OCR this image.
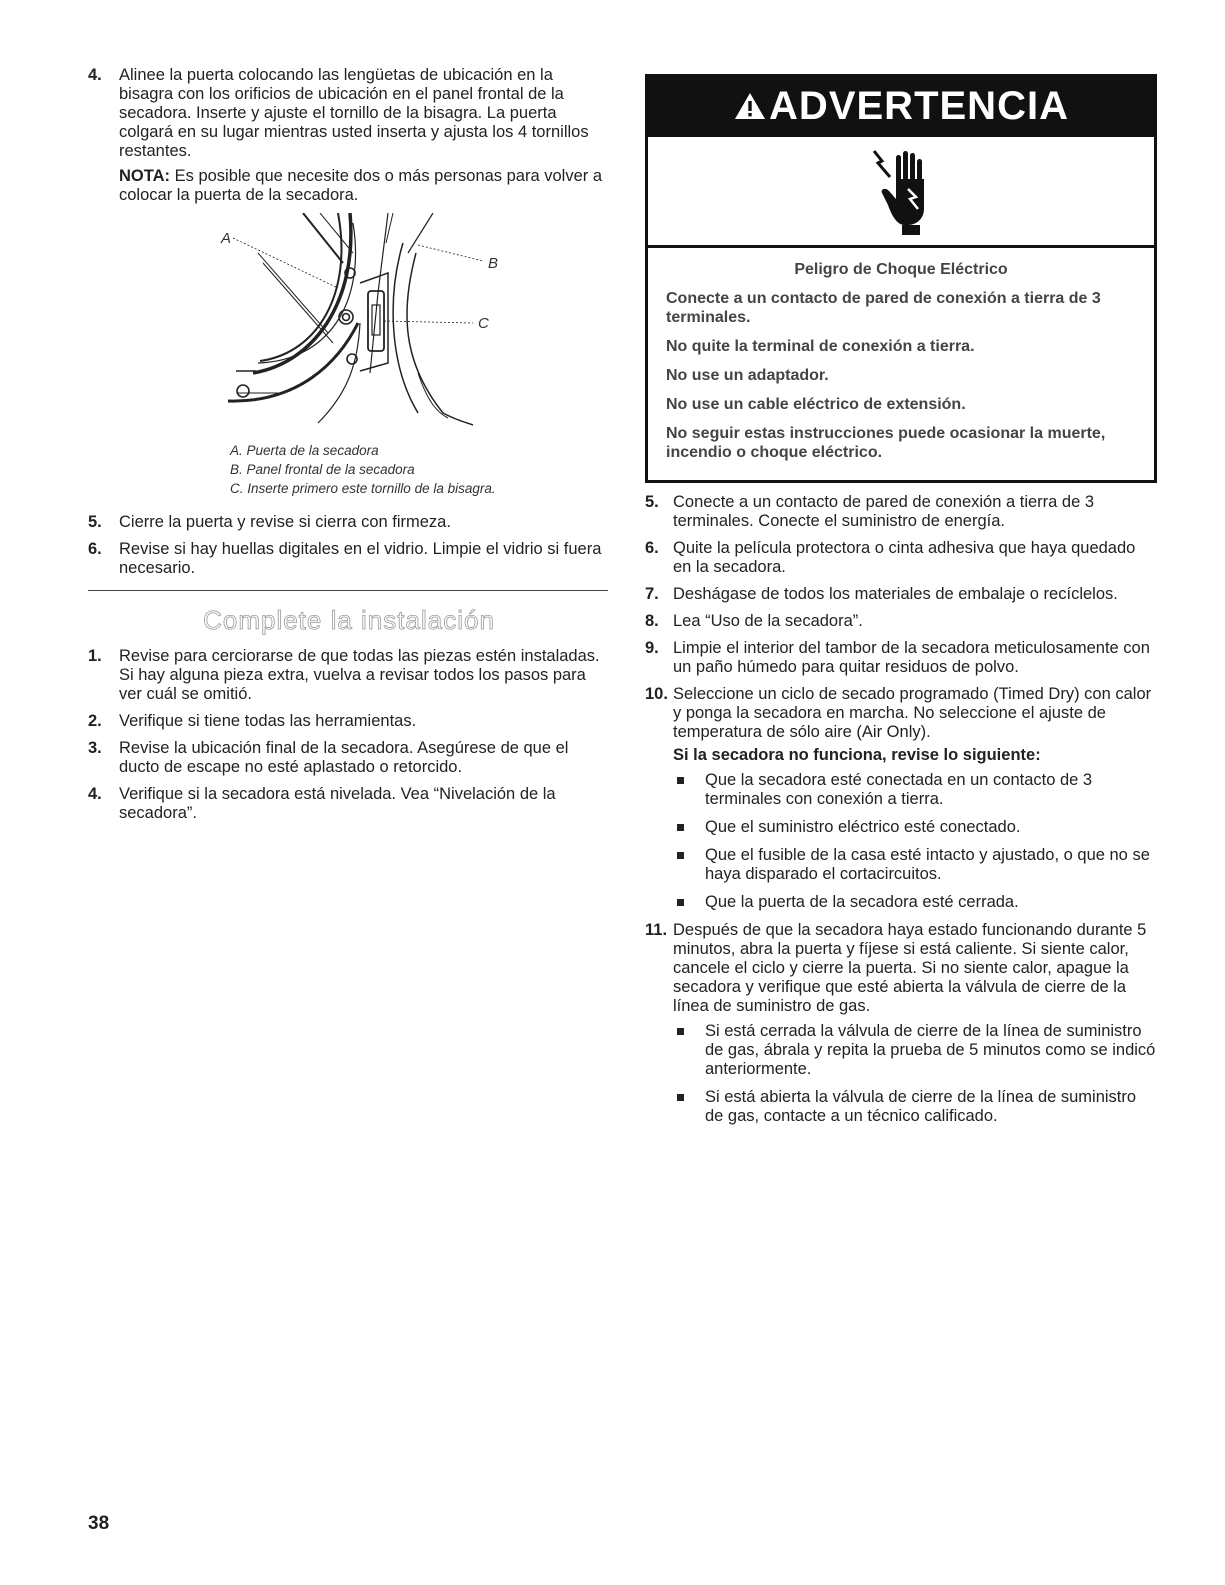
4.	Alinee la puerta colocando las lengüetas de ubicación en la bisagra con los orificios de ubicación en el panel frontal de la secadora. Inserte y ajuste el tornillo de la bisagra. La puerta colgará en su lugar mientras usted inserta y ajusta los 4 tornillos restantes.
NOTA: Es posible que necesite dos o más personas para volver a colocar la puerta de la secadora.
A
B
C
A. Puerta de la secadora
B. Panel frontal de la secadora
C. Inserte primero este tornillo de la bisagra.
5.	Cierre la puerta y revise si cierra con firmeza.
6.	Revise si hay huellas digitales en el vidrio. Limpie el vidrio si fuera necesario.
Complete la instalación
1.	Revise para cerciorarse de que todas las piezas estén instaladas. Si hay alguna pieza extra, vuelva a revisar todos los pasos para ver cuál se omitió.
2.	Verifique si tiene todas las herramientas.
3.	Revise la ubicación final de la secadora. Asegúrese de que el ducto de escape no esté aplastado o retorcido.
4.	Verifique si la secadora está nivelada. Vea “Nivelación de la secadora”.
ADVERTENCIA
Peligro de Choque Eléctrico

Conecte a un contacto de pared de conexión a tierra de 3 terminales.

No quite la terminal de conexión a tierra.

No use un adaptador.

No use un cable eléctrico de extensión.

No seguir estas instrucciones puede ocasionar la muerte, incendio o choque eléctrico.

5. Conecte a un contacto de pared de conexión a tierra de 3 terminales. Conecte el suministro de energía.
6. Quite la película protectora o cinta adhesiva que haya quedado en la secadora.
7. Deshágase de todos los materiales de embalaje o recíclelos.
8. Lea “Uso de la secadora”.
9. Limpie el interior del tambor de la secadora meticulosamente con un paño húmedo para quitar residuos de polvo.
10. Seleccione un ciclo de secado programado (Timed Dry) con calor y ponga la secadora en marcha. No seleccione el ajuste de temperatura de sólo aire (Air Only).
Si la secadora no funciona, revise lo siguiente:
Que la secadora esté conectada en un contacto de 3 terminales con conexión a tierra.
Que el suministro eléctrico esté conectado.
Que el fusible de la casa esté intacto y ajustado, o que no se haya disparado el cortacircuitos.
Que la puerta de la secadora esté cerrada.
11. Después de que la secadora haya estado funcionando durante 5 minutos, abra la puerta y fíjese si está caliente. Si siente calor, cancele el ciclo y cierre la puerta. Si no siente calor, apague la secadora y verifique que esté abierta la válvula de cierre de la línea de suministro de gas.
Si está cerrada la válvula de cierre de la línea de suministro de gas, ábrala y repita la prueba de 5 minutos como se indicó anteriormente.
Si está abierta la válvula de cierre de la línea de suministro de gas, contacte a un técnico calificado.
38
